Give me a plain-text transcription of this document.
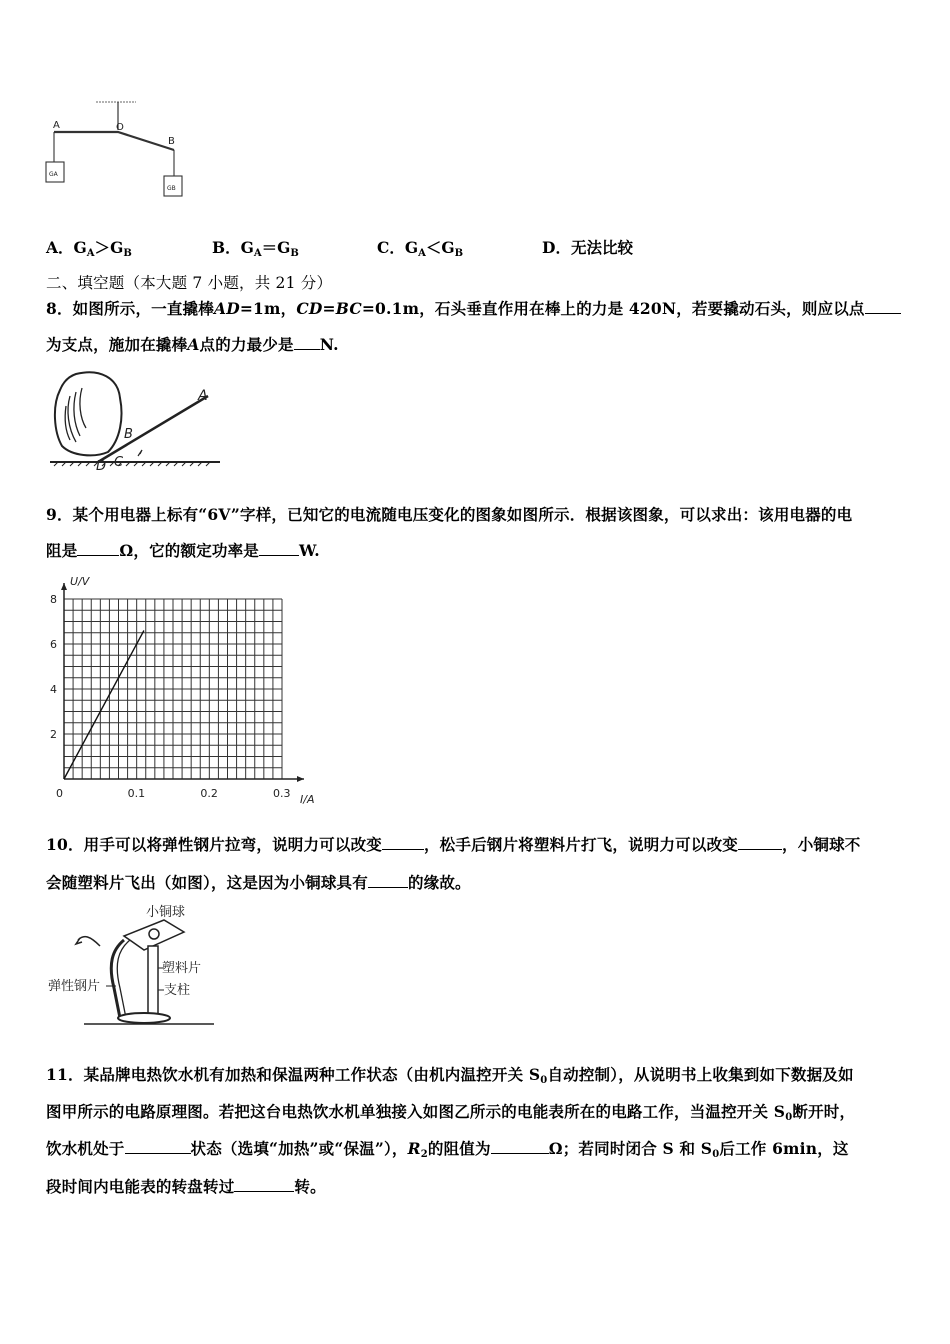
A	O
B
GA
GB
A．$G_A>G_B$	B．$G_A=G_B$	C．$G_A<G_B$	D．无法比较
二、填空题（本大题 7 小题，共 21 分）
8．如图所示，一直撬棒AD=1m，CD=BC=0.1m，石头垂直作用在棒上的力是 420N，若要撬动石头，则应以点
为支点，施加在撬棒A点的力最少是 N.
A
B
C
D
9．某个用电器上标有“6V”字样，已知它的电流随电压变化的图象如图所示．根据该图象，可以求出：该用电器的电
阻是	Ω，它的额定功率是	W.
0	0.1	0.2	0.3
2
4
6
8
I/A
U/V
10．用手可以将弹性钢片拉弯，说明力可以改变	，松手后钢片将塑料片打飞，说明力可以改变	，小铜球不
会随塑料片飞出（如图），这是因为小铜球具有	的缘故。
小铜球
塑料片
弹性钢片	支柱
11．某品牌电热饮水机有加热和保温两种工作状态（由机内温控开关 $S_0$自动控制），从说明书上收集到如下数据及如
图甲所示的电路原理图。若把这台电热饮水机单独接入如图乙所示的电能表所在的电路工作，当温控开关 $S_0$断开时，
饮水机处于	状态（选填“加热”或“保温”），$R_2$的阻值为	Ω；若同时闭合 S 和 $S_0$后工作 6min，这
段时间内电能表的转盘转过	转。
